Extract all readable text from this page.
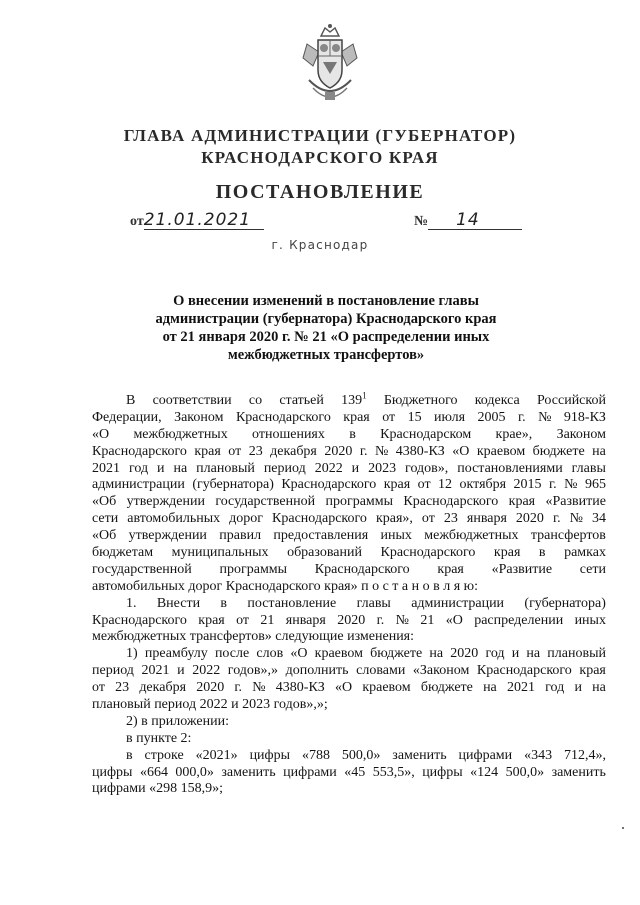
ГЛАВА АДМИНИСТРАЦИИ (ГУБЕРНАТОР)
КРАСНОДАРСКОГО КРАЯ
ПОСТАНОВЛЕНИЕ
от21.01.2021	№ 14
г. Краснодар
О внесении изменений в постановление главы
администрации (губернатора) Краснодарского края
от 21 января 2020 г. № 21 «О распределении иных
межбюджетных трансфертов»
В соответствии со статьей $139^1$ Бюджетного кодекса Российской
Федерации, Законом Краснодарского края от 15 июля 2005 г. № 918-КЗ
«О межбюджетных отношениях в Краснодарском крае», Законом
Краснодарского края от 23 декабря 2020 г. № 4380-КЗ «О краевом бюджете на
2021 год и на плановый период 2022 и 2023 годов», постановлениями главы
администрации (губернатора) Краснодарского края от 12 октября 2015 г. № 965
«Об утверждении государственной программы Краснодарского края «Развитие
сети автомобильных дорог Краснодарского края», от 23 января 2020 г. № 34
«Об утверждении правил предоставления иных межбюджетных трансфертов
бюджетам муниципальных образований Краснодарского края в рамках
государственной программы Краснодарского края «Развитие сети
автомобильных дорог Краснодарского края» п о с т а н о в л я ю:
1. Внести в постановление главы администрации (губернатора)
Краснодарского края от 21 января 2020 г. № 21 «О распределении иных
межбюджетных трансфертов» следующие изменения:
1) преамбулу после слов «О краевом бюджете на 2020 год и на плановый
период 2021 и 2022 годов»,» дополнить словами «Законом Краснодарского края
от 23 декабря 2020 г. № 4380-КЗ «О краевом бюджете на 2021 год и на
плановый период 2022 и 2023 годов»,»;
2) в приложении:
в пункте 2:
в строке «2021» цифры «788 500,0» заменить цифрами «343 712,4»,
цифры «664 000,0» заменить цифрами «45 553,5», цифры «124 500,0» заменить
цифрами «298 158,9»;
